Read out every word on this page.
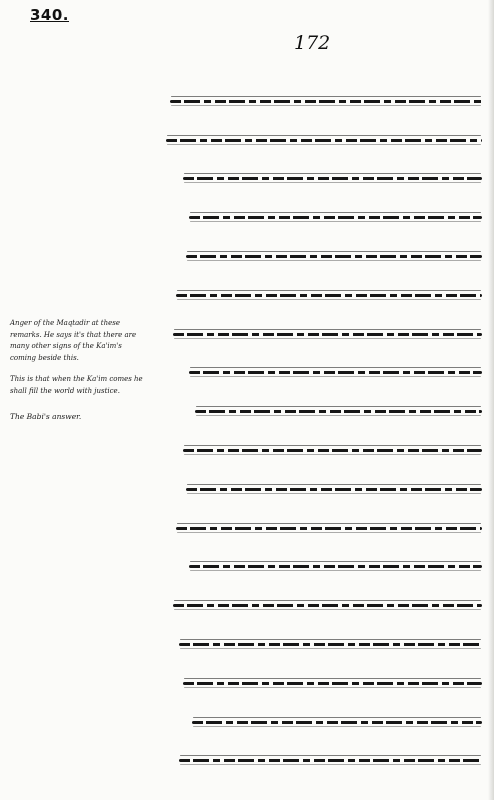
340.
172

Anger of the Maqtadir at these remarks. He says it's that there are many other signs of the Ka'im's coming beside this.

This is that when the Ka'im comes he shall fill the world with justice.

The Babi's answer.
